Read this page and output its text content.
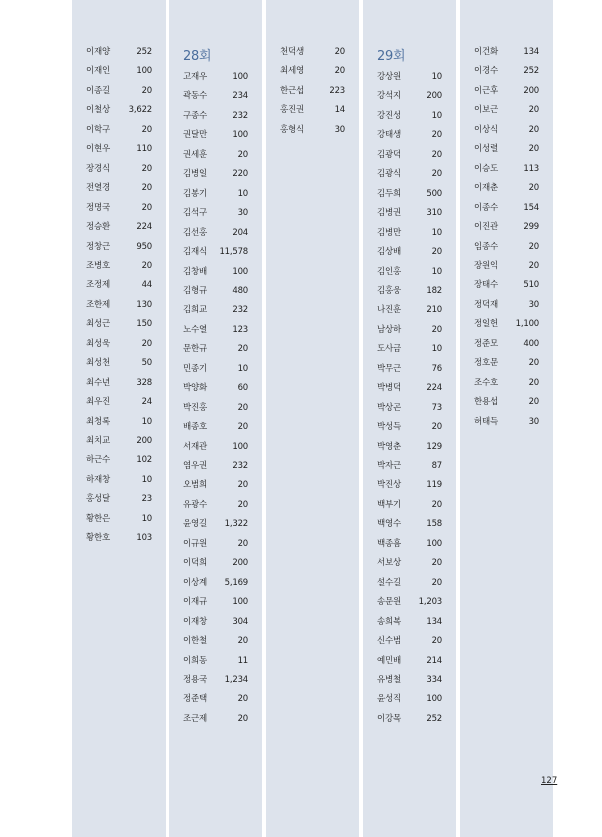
이재양	252
이재인	100
이종길	20
이철상 3,622
이학구	20
이현우	110
장경식	20
전열경	20
정명국	20
정승환	224
정창근	950
조병호	20
조정제	44
조한제	130
최성근	150
최성욱	20
최성천	50
최수년	328
최우진	24
최청록	10
최치교	200
하근수	102
하재창	10
홍성달	23
황한은	10
황한호	103
28회
고재우	100
곽동수	234
구종수	232
권달만	100
권세훈	20
김병일	220
김봉기	10
김석구	30
김선홍	204
김재식 11,578
김창배	100
김형규	480
김희교	232
노수열	123
문한규	20
민종기	10
박양화	60
박진홍	20
배종호	20
서재관	100
염우권	232
오범희	20
유광수	20
윤영길 1,322
이규원	20
이덕희	200
이상계 5,169
이재규	100
이재창	304
이한철	20
이희동	11
정용국 1,234
정준택	20
조근제	20
천덕생	20
최세영	20
한근섭	223
홍진권	14
홍형식	30
29회
강상원	10
강석지	200
강진성	10
강태생	20
김광덕	20
김광식	20
김두희	500
김병권	310
김병만	10
김상배	20
김인홍	10
김홍웅	182
나진훈	210
남상하	20
도사금	10
박무근	76
박병덕	224
박상곤	73
박성득	20
박영춘	129
박자근	87
박진상	119
백부기	20
백영수	158
백종흠	100
서보상	20
설수길	20
송문원 1,203
송희복	134
신수범	20
예민배	214
유병철	334
윤성직	100
이강목	252
이건화	134
이경수	252
이근후	200
이보근	20
이상식	20
이성렬	20
이승도	113
이재춘	20
이종수	154
이진관	299
임종수	20
장원익	20
장태수	510
정덕재	30
정일헌 1,100
정준모	400
정호문	20
조수호	20
한용섭	20
허태득	30
127
